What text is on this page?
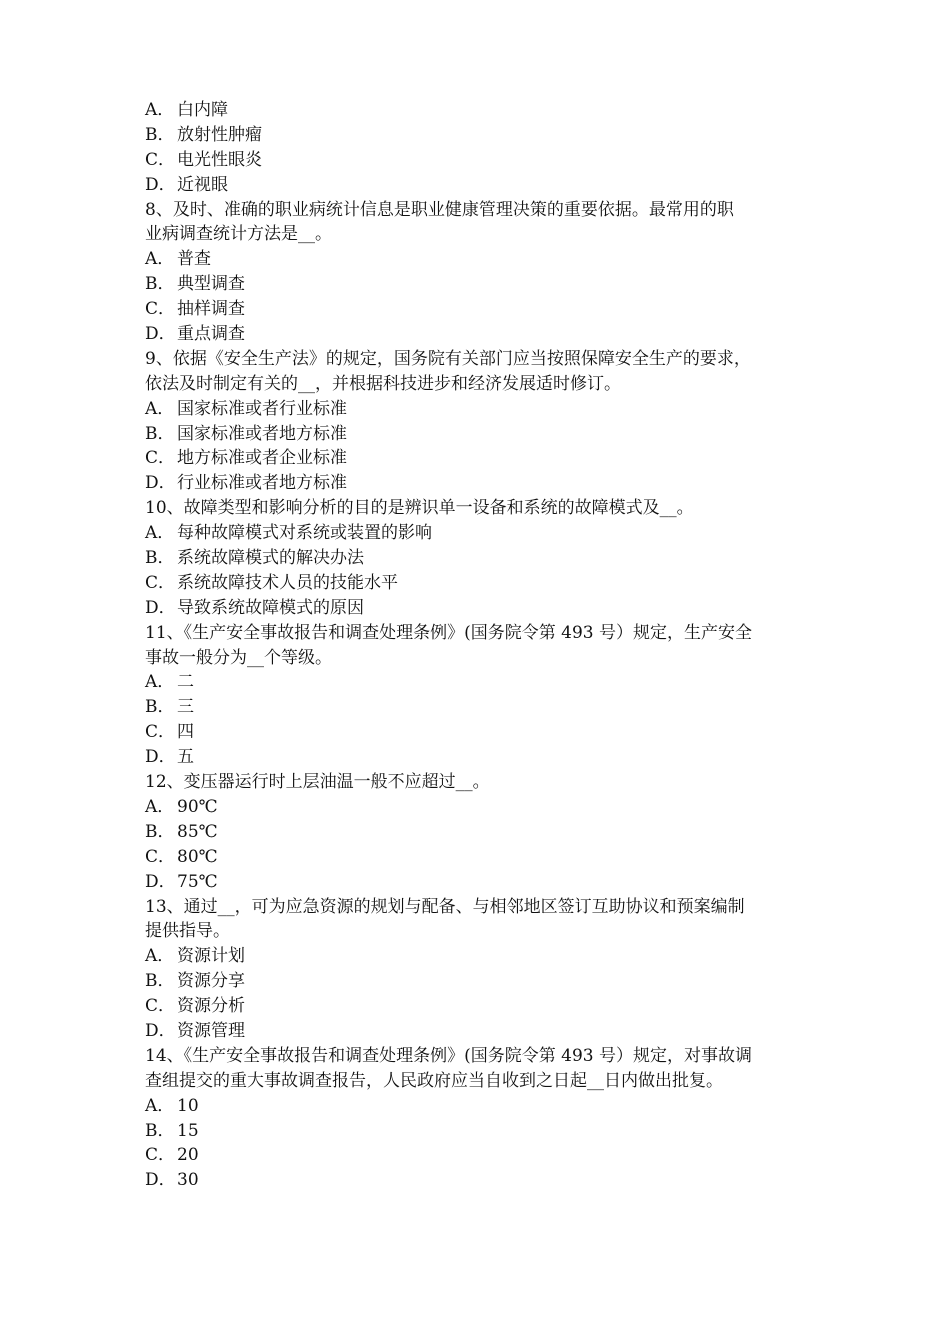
A． 白内障
B． 放射性肿瘤
C． 电光性眼炎
D．近视眼
8、及时、准确的职业病统计信息是职业健康管理决策的重要依据。最常用的职
业病调查统计方法是__。
A． 普查
B． 典型调查
C． 抽样调查
D．重点调查
9、依据《安全生产法》的规定，国务院有关部门应当按照保障安全生产的要求，
依法及时制定有关的__，并根据科技进步和经济发展适时修订。
A． 国家标准或者行业标准
B． 国家标准或者地方标准
C． 地方标准或者企业标准
D．行业标准或者地方标准
10、故障类型和影响分析的目的是辨识单一设备和系统的故障模式及__。
A． 每种故障模式对系统或装置的影响
B． 系统故障模式的解决办法
C． 系统故障技术人员的技能水平
D．导致系统故障模式的原因
11、《生产安全事故报告和调查处理条例》(国务院令第 493 号）规定，生产安全
事故一般分为__个等级。
A． 二
B． 三
C． 四
D．五
12、变压器运行时上层油温一般不应超过__。
A． 90℃
B． 85℃
C． 80℃
D．75℃
13、通过__，可为应急资源的规划与配备、与相邻地区签订互助协议和预案编制
提供指导。
A． 资源计划
B． 资源分享
C． 资源分析
D．资源管理
14、《生产安全事故报告和调查处理条例》(国务院令第 493 号）规定，对事故调
查组提交的重大事故调查报告，人民政府应当自收到之日起__日内做出批复。
A． 10
B． 15
C． 20
D．30
